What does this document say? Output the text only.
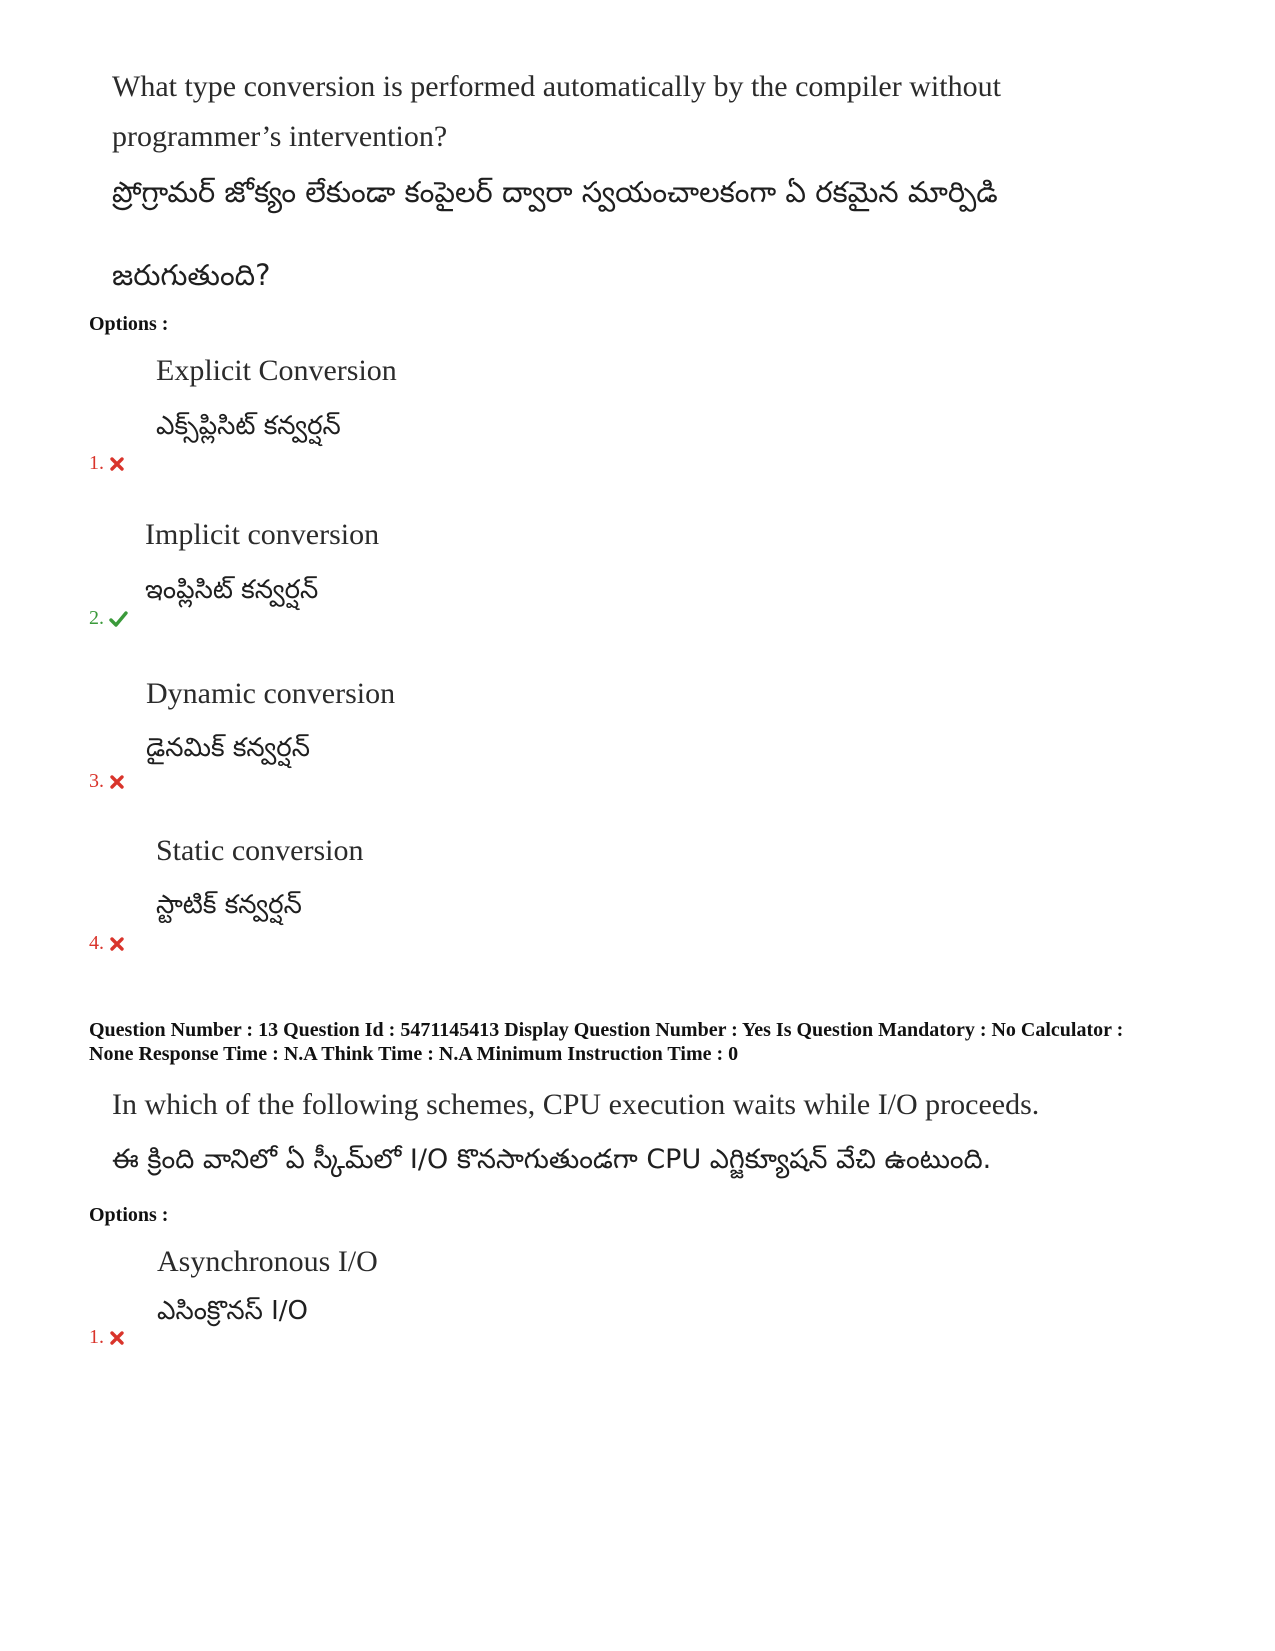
What type conversion is performed automatically by the compiler without
programmer’s intervention?
ప్రోగ్రామర్ జోక్యం లేకుండా కంపైలర్ ద్వారా స్వయంచాలకంగా ఏ రకమైన మార్పిడి
జరుగుతుంది?
Options :
Explicit Conversion
ఎక్స్‌ప్లిసిట్ కన్వర్షన్
1.
Implicit conversion
ఇంప్లిసిట్ కన్వర్షన్
2.
Dynamic conversion
డైనమిక్ కన్వర్షన్
3.
Static conversion
స్టాటిక్ కన్వర్షన్
4.
Question Number : 13 Question Id : 5471145413 Display Question Number : Yes Is Question Mandatory : No Calculator :
None Response Time : N.A Think Time : N.A Minimum Instruction Time : 0
In which of the following schemes, CPU execution waits while I/O proceeds.
ఈ క్రింది వానిలో ఏ స్కీమ్‌లో I/O కొనసాగుతుండగా CPU ఎగ్జిక్యూషన్ వేచి ఉంటుంది.
Options :
Asynchronous I/O
ఎసింక్రొనస్ I/O
1.
